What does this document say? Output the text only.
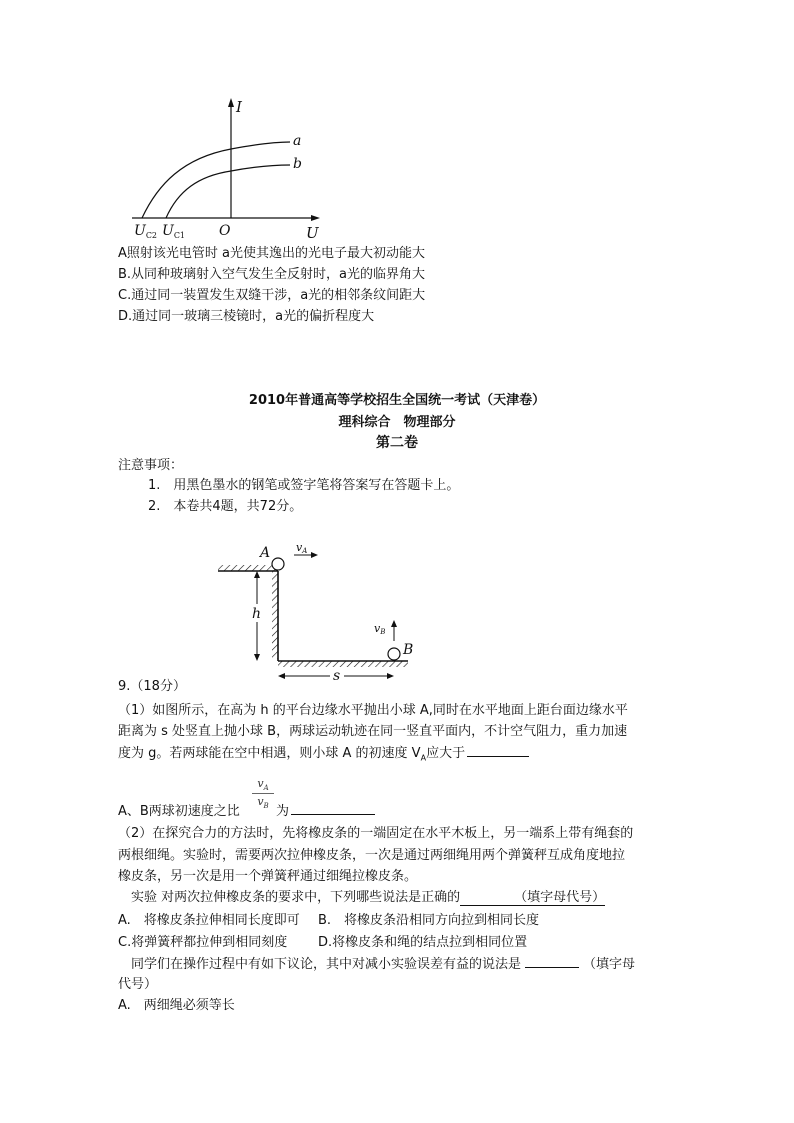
I
a
b
$U_{C2}$ $U_{C1}$ O	U
A照射该光电管时 a光使其逸出的光电子最大初动能大
B.从同种玻璃射入空气发生全反射时，a光的临界角大
C.通过同一装置发生双缝干涉，a光的相邻条纹间距大
D.通过同一玻璃三棱镜时，a光的偏折程度大
2010年普通高等学校招生全国统一考试（天津卷）
理科综合　物理部分
第二卷
注意事项：
1.　用黑色墨水的钢笔或签字笔将答案写在答题卡上。
2.　本卷共4题，共72分。
A vA
h
B
vB
s
9.（18分）
（1）如图所示，在高为 h 的平台边缘水平抛出小球 A,同时在水平地面上距台面边缘水平
距离为 s 处竖直上抛小球 B，两球运动轨迹在同一竖直平面内，不计空气阻力，重力加速
度为 g。若两球能在空中相遇，则小球 A 的初速度 $V_A$应大于
A、B两球初速度之比
$v_A$
$v_B$ 为
（2）在探究合力的方法时，先将橡皮条的一端固定在水平木板上，另一端系上带有绳套的
两根细绳。实验时，需要两次拉伸橡皮条，一次是通过两细绳用两个弹簧秤互成角度地拉
橡皮条，另一次是用一个弹簧秤通过细绳拉橡皮条。
　实验 对两次拉伸橡皮条的要求中，下列哪些说法是正确的	（填字母代号）
A.　将橡皮条拉伸相同长度即可 B.　将橡皮条沿相同方向拉到相同长度
C.将弹簧秤都拉伸到相同刻度 D.将橡皮条和绳的结点拉到相同位置
　同学们在操作过程中有如下议论，其中对减小实验误差有益的说法是	（填字母
代号）
A.　两细绳必须等长
